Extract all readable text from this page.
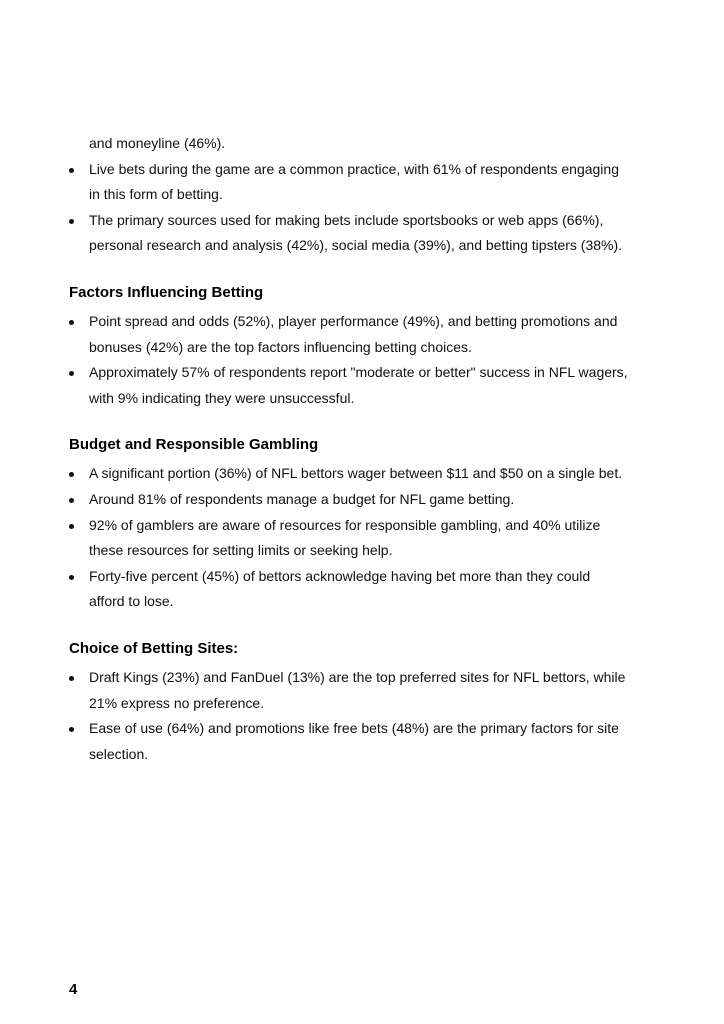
and moneyline (46%).

Live bets during the game are a common practice, with 61% of respondents engaging in this form of betting.
The primary sources used for making bets include sportsbooks or web apps (66%), personal research and analysis (42%), social media (39%), and betting tipsters (38%).
Factors Influencing Betting
Point spread and odds (52%), player performance (49%), and betting promotions and bonuses (42%) are the top factors influencing betting choices.
Approximately 57% of respondents report "moderate or better" success in NFL wagers, with 9% indicating they were unsuccessful.
Budget and Responsible Gambling
A significant portion (36%) of NFL bettors wager between $11 and $50 on a single bet.
Around 81% of respondents manage a budget for NFL game betting.
92% of gamblers are aware of resources for responsible gambling, and 40% utilize these resources for setting limits or seeking help.
Forty-five percent (45%) of bettors acknowledge having bet more than they could afford to lose.
Choice of Betting Sites:
Draft Kings (23%) and FanDuel (13%) are the top preferred sites for NFL bettors, while 21% express no preference.
Ease of use (64%) and promotions like free bets (48%) are the primary factors for site selection.
4
